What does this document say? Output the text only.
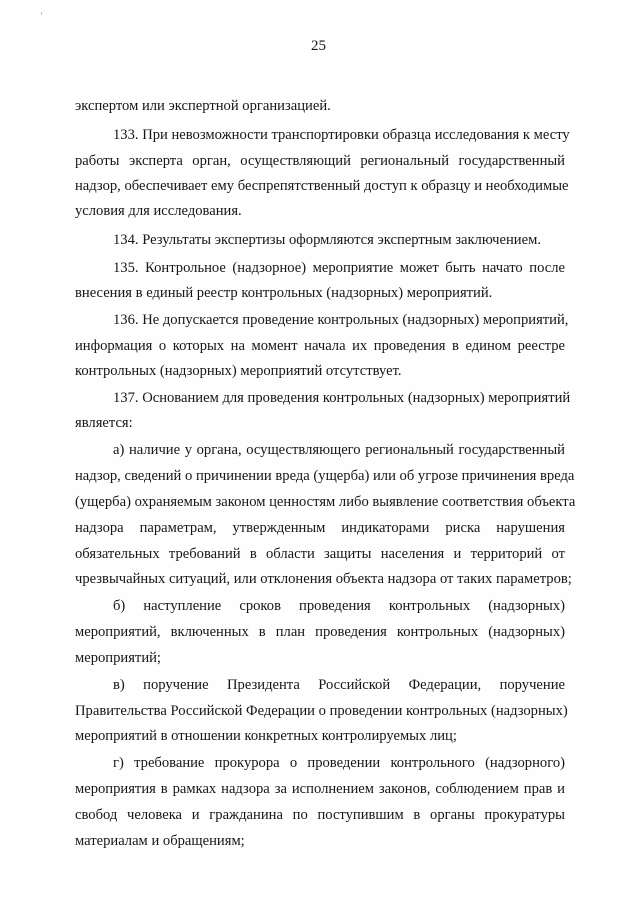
'
25
экспертом или экспертной организацией.
133. При невозможности транспортировки образца исследования к месту
работы эксперта орган, осуществляющий региональный государственный
надзор, обеспечивает ему беспрепятственный доступ к образцу и необходимые
условия для исследования.
134. Результаты экспертизы оформляются экспертным заключением.
135. Контрольное (надзорное) мероприятие может быть начато после
внесения в единый реестр контрольных (надзорных) мероприятий.
136. Не допускается проведение контрольных (надзорных) мероприятий,
информация о которых на момент начала их проведения в едином реестре
контрольных (надзорных) мероприятий отсутствует.
137. Основанием для проведения контрольных (надзорных) мероприятий
является:
а) наличие у органа, осуществляющего региональный государственный
надзор, сведений о причинении вреда (ущерба) или об угрозе причинения вреда
(ущерба) охраняемым законом ценностям либо выявление соответствия объекта
надзора параметрам, утвержденным индикаторами риска нарушения
обязательных требований в области защиты населения и территорий от
чрезвычайных ситуаций, или отклонения объекта надзора от таких параметров;
б) наступление сроков проведения контрольных (надзорных)
мероприятий, включенных в план проведения контрольных (надзорных)
мероприятий;
в) поручение Президента Российской Федерации, поручение
Правительства Российской Федерации о проведении контрольных (надзорных)
мероприятий в отношении конкретных контролируемых лиц;
г) требование прокурора о проведении контрольного (надзорного)
мероприятия в рамках надзора за исполнением законов, соблюдением прав и
свобод человека и гражданина по поступившим в органы прокуратуры
материалам и обращениям;
